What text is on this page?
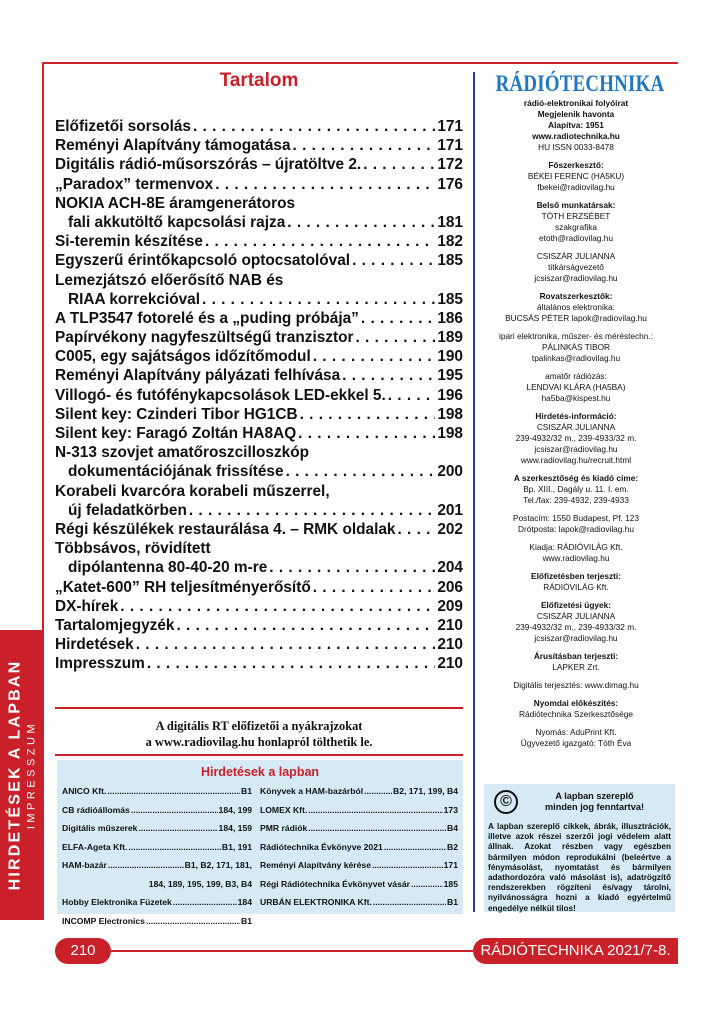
HIRDETÉSEK A LAPBAN IMPRESSZUM
Tartalom
Előfizetői sorsolás . . .	171
Reményi Alapítvány támogatása . . .	171
Digitális rádió-műsorszórás – újratöltve 2. . . .	172
„Paradox” termenvox . . .	176
NOKIA ACH-8E áramgenerátoros
fali akkutöltő kapcsolási rajza . . .	181
Si-teremin készítése . . .	182
Egyszerű érintőkapcsoló optocsatolóval . . .	185
Lemezjátszó előerősítő NAB és
RIAA korrekcióval . . .	185
A TLP3547 fotorelé és a „puding próbája” . . .	186
Papírvékony nagyfeszültségű tranzisztor . . .	189
C005, egy sajátságos időzítőmodul . . .	190
Reményi Alapítvány pályázati felhívása . . .	195
Villogó- és futófénykapcsolások LED-ekkel 5. . . .	196
Silent key: Czinderi Tibor HG1CB . . .	198
Silent key: Faragó Zoltán HA8AQ . . .	198
N-313 szovjet amatőroszcilloszkóp
dokumentációjának frissítése . . .	200
Korabeli kvarcóra korabeli műszerrel,
új feladatkörben . . .	201
Régi készülékek restaurálása 4. – RMK oldalak . . .	202
Többsávos, rövidített
dipólantenna 80-40-20 m-re . . .	204
„Katet-600” RH teljesítményerősítő . . .	206
DX-hírek . . .	209
Tartalomjegyzék . . .	210
Hirdetések . . .	210
Impresszum . . .	210
A digitális RT előfizetői a nyákrajzokat
a www.radiovilag.hu honlapról tölthetik le.
Hirdetések a lapban
ANICO Kft. .....	B1
CB rádióállomás .....	184, 199
Digitális műszerek .....	184, 159
ELFA-Ageta Kft. .....	B1, 191
HAM-bazár .....	B1, B2, 171, 181,
184, 189, 195, 199, B3, B4
Hobby Elektronika Füzetek .....	184
INCOMP Electronics .....	B1
Könyvek a HAM-bazárból .....	B2, 171, 199, B4
LOMEX Kft. .....	173
PMR rádiók .....	B4
Rádiótechnika Évkönyve 2021 .....	B2
Reményi Alapítvány kérése .....	171
Régi Rádiótechnika Évkönyvet vásár .....	185
URBÁN ELEKTRONIKA Kft. .....	B1
RÁDIÓTECHNIKA
rádió-elektronikai folyóirat
Megjelenik havonta
Alapítva: 1951
www.radiotechnika.hu
HU ISSN 0033-8478
Főszerkesztő:
BÉKEI FERENC (HA5KU)
fbekei@radiovilag.hu
Belső munkatársak:
TÓTH ERZSÉBET
szakgrafika
etoth@radiovilag.hu
CSISZÁR JULIANNA
titkárságvezető
jcsiszar@radiovilag.hu
Rovatszerkesztők:
általános elektronika:
BUCSÁS PÉTER lapok@radiovilag.hu
ipari elektronika, műszer- és méréstechn.:
PÁLINKÁS TIBOR
tpalinkas@radiovilag.hu
amatőr rádiózás:
LENDVAI KLÁRA (HA5BA)
ha5ba@kispest.hu
Hirdetés-információ:
CSISZÁR JULIANNA
239-4932/32 m., 239-4933/32 m.
jcsiszar@radiovilag.hu
www.radiovilag.hu/recruit.html
A szerkesztőség és kiadó címe:
Bp. XIII., Dagály u. 11. I. em.
Tel./fax: 239-4932, 239-4933
Postacím: 1550 Budapest, Pf. 123
Drótposta: lapok@radiovilag.hu
Kiadja: RÁDIÓVILÁG Kft.
www.radiovilag.hu
Előfizetésben terjeszti:
RÁDIÓVILÁG Kft.
Előfizetési ügyek:
CSISZÁR JULIANNA
239-4932/32 m., 239-4933/32 m.
jcsiszar@radiovilag.hu
Árusításban terjeszti:
LAPKER Zrt.
Digitális terjesztés: www.dimag.hu
Nyomdai előkészítés:
Rádiótechnika Szerkesztősége
Nyomás: AduPrint Kft.
Ügyvezető igazgató: Tóth Éva
©	A lapban szereplő
minden jog fenntartva!
A lapban szereplő cikkek, ábrák, illusztrációk, illetve azok részei szerzői jogi védelem alatt állnak. Azokat részben vagy egészben bármilyen módon reprodukálni (beleértve a fénymásolást, nyomtatást és bármilyen adathordozóra való másolást is), adatrögzítő rendszerekben rögzíteni és/vagy tárolni, nyilvánosságra hozni a kiadó egyértelmű engedélye nélkül tilos!
210	RÁDIÓTECHNIKA 2021/7-8.
